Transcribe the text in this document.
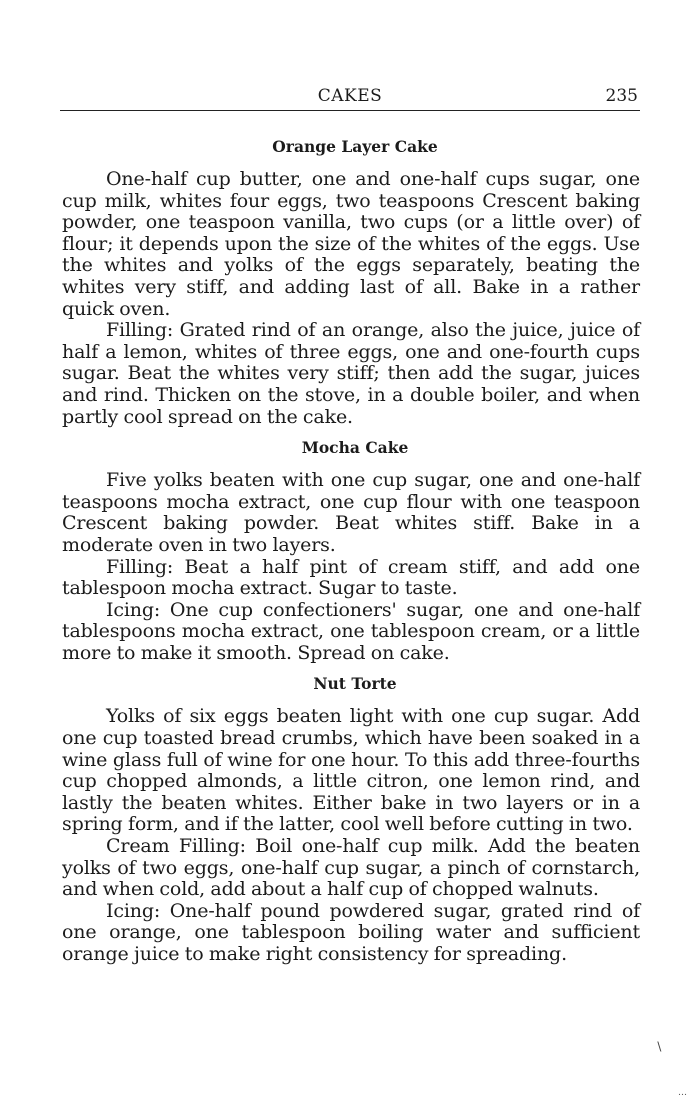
CAKES	235
Orange Layer Cake

One-half cup butter, one and one-half cups sugar, one cup milk, whites four eggs, two teaspoons Crescent baking powder, one teaspoon vanilla, two cups (or a little over) of flour; it depends upon the size of the whites of the eggs. Use the whites and yolks of the eggs separately, beating the whites very stiff, and adding last of all. Bake in a rather quick oven.

Filling: Grated rind of an orange, also the juice, juice of half a lemon, whites of three eggs, one and one-fourth cups sugar. Beat the whites very stiff; then add the sugar, juices and rind. Thicken on the stove, in a double boiler, and when partly cool spread on the cake.

Mocha Cake

Five yolks beaten with one cup sugar, one and one-half teaspoons mocha extract, one cup flour with one teaspoon Crescent baking powder. Beat whites stiff. Bake in a moderate oven in two layers.

Filling: Beat a half pint of cream stiff, and add one tablespoon mocha extract. Sugar to taste.

Icing: One cup confectioners' sugar, one and one-half tablespoons mocha extract, one tablespoon cream, or a little more to make it smooth. Spread on cake.

Nut Torte

Yolks of six eggs beaten light with one cup sugar. Add one cup toasted bread crumbs, which have been soaked in a wine glass full of wine for one hour. To this add three-fourths cup chopped almonds, a little citron, one lemon rind, and lastly the beaten whites. Either bake in two layers or in a spring form, and if the latter, cool well before cutting in two.

Cream Filling: Boil one-half cup milk. Add the beaten yolks of two eggs, one-half cup sugar, a pinch of cornstarch, and when cold, add about a half cup of chopped walnuts.

Icing: One-half pound powdered sugar, grated rind of one orange, one tablespoon boiling water and sufficient orange juice to make right consistency for spreading.

∖
…
